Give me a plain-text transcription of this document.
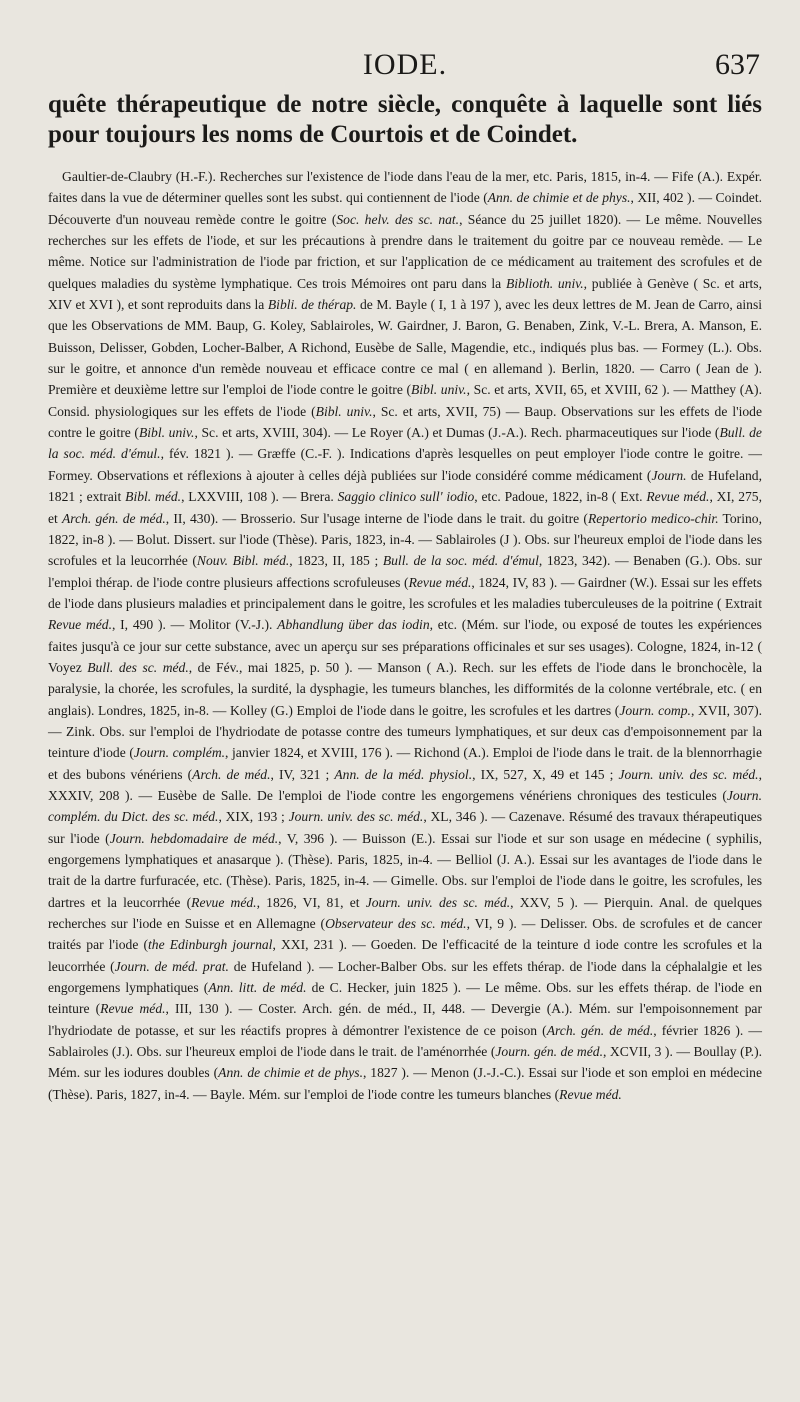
IODE.	637

quête thérapeutique de notre siècle, conquête à laquelle sont liés pour toujours les noms de Courtois et de Coindet.

Gaultier-de-Claubry (H.-F.). Recherches sur l'existence de l'iode dans l'eau de la mer, etc. Paris, 1815, in-4. — Fife (A.). Expér. faites dans la vue de déterminer quelles sont les subst. qui contiennent de l'iode (Ann. de chimie et de phys., XII, 402 ). — Coindet. Découverte d'un nouveau remède contre le goitre (Soc. helv. des sc. nat., Séance du 25 juillet 1820). — Le même. Nouvelles recherches sur les effets de l'iode, et sur les précautions à prendre dans le traitement du goitre par ce nouveau remède. — Le même. Notice sur l'administration de l'iode par friction, et sur l'application de ce médicament au traitement des scrofules et de quelques maladies du système lymphatique. Ces trois Mémoires ont paru dans la Biblioth. univ., publiée à Genève ( Sc. et arts, XIV et XVI ), et sont reproduits dans la Bibli. de thérap. de M. Bayle ( I, 1 à 197 ), avec les deux lettres de M. Jean de Carro, ainsi que les Observations de MM. Baup, G. Koley, Sablairoles, W. Gairdner, J. Baron, G. Benaben, Zink, V.-L. Brera, A. Manson, E. Buisson, Delisser, Gobden, Locher-Balber, A Richond, Eusèbe de Salle, Magendie, etc., indiqués plus bas. — Formey (L.). Obs. sur le goitre, et annonce d'un remède nouveau et efficace contre ce mal ( en allemand ). Berlin, 1820. — Carro ( Jean de ). Première et deuxième lettre sur l'emploi de l'iode contre le goitre (Bibl. univ., Sc. et arts, XVII, 65, et XVIII, 62 ). — Matthey (A). Consid. physiologiques sur les effets de l'iode (Bibl. univ., Sc. et arts, XVII, 75) — Baup. Observations sur les effets de l'iode contre le goitre (Bibl. univ., Sc. et arts, XVIII, 304). — Le Royer (A.) et Dumas (J.-A.). Rech. pharmaceutiques sur l'iode (Bull. de la soc. méd. d'émul., fév. 1821 ). — Græffe (C.-F. ). Indications d'après lesquelles on peut employer l'iode contre le goitre. — Formey. Observations et réflexions à ajouter à celles déjà publiées sur l'iode considéré comme médicament (Journ. de Hufeland, 1821 ; extrait Bibl. méd., LXXVIII, 108 ). — Brera. Saggio clinico sull' iodio, etc. Padoue, 1822, in-8 ( Ext. Revue méd., XI, 275, et Arch. gén. de méd., II, 430). — Brosserio. Sur l'usage interne de l'iode dans le trait. du goitre (Repertorio medico-chir. Torino, 1822, in-8 ). — Bolut. Dissert. sur l'iode (Thèse). Paris, 1823, in-4. — Sablairoles (J ). Obs. sur l'heureux emploi de l'iode dans les scrofules et la leucorrhée (Nouv. Bibl. méd., 1823, II, 185 ; Bull. de la soc. méd. d'émul, 1823, 342). — Benaben (G.). Obs. sur l'emploi thérap. de l'iode contre plusieurs affections scrofuleuses (Revue méd., 1824, IV, 83 ). — Gairdner (W.). Essai sur les effets de l'iode dans plusieurs maladies et principalement dans le goitre, les scrofules et les maladies tuberculeuses de la poitrine ( Extrait Revue méd., I, 490 ). — Molitor (V.-J.). Abhandlung über das iodin, etc. (Mém. sur l'iode, ou exposé de toutes les expériences faites jusqu'à ce jour sur cette substance, avec un aperçu sur ses préparations officinales et sur ses usages). Cologne, 1824, in-12 ( Voyez Bull. des sc. méd., de Fév., mai 1825, p. 50 ). — Manson ( A.). Rech. sur les effets de l'iode dans le bronchocèle, la paralysie, la chorée, les scrofules, la surdité, la dysphagie, les tumeurs blanches, les difformités de la colonne vertébrale, etc. ( en anglais). Londres, 1825, in-8. — Kolley (G.) Emploi de l'iode dans le goitre, les scrofules et les dartres (Journ. comp., XVII, 307). — Zink. Obs. sur l'emploi de l'hydriodate de potasse contre des tumeurs lymphatiques, et sur deux cas d'empoisonnement par la teinture d'iode (Journ. complém., janvier 1824, et XVIII, 176 ). — Richond (A.). Emploi de l'iode dans le trait. de la blennorrhagie et des bubons vénériens (Arch. de méd., IV, 321 ; Ann. de la méd. physiol., IX, 527, X, 49 et 145 ; Journ. univ. des sc. méd., XXXIV, 208 ). — Eusèbe de Salle. De l'emploi de l'iode contre les engorgemens vénériens chroniques des testicules (Journ. complém. du Dict. des sc. méd., XIX, 193 ; Journ. univ. des sc. méd., XL, 346 ). — Cazenave. Résumé des travaux thérapeutiques sur l'iode (Journ. hebdomadaire de méd., V, 396 ). — Buisson (E.). Essai sur l'iode et sur son usage en médecine ( syphilis, engorgemens lymphatiques et anasarque ). (Thèse). Paris, 1825, in-4. — Belliol (J. A.). Essai sur les avantages de l'iode dans le trait de la dartre furfuracée, etc. (Thèse). Paris, 1825, in-4. — Gimelle. Obs. sur l'emploi de l'iode dans le goitre, les scrofules, les dartres et la leucorrhée (Revue méd., 1826, VI, 81, et Journ. univ. des sc. méd., XXV, 5 ). — Pierquin. Anal. de quelques recherches sur l'iode en Suisse et en Allemagne (Observateur des sc. méd., VI, 9 ). — Delisser. Obs. de scrofules et de cancer traités par l'iode (the Edinburgh journal, XXI, 231 ). — Goeden. De l'efficacité de la teinture d iode contre les scrofules et la leucorrhée (Journ. de méd. prat. de Hufeland ). — Locher-Balber Obs. sur les effets thérap. de l'iode dans la céphalalgie et les engorgemens lymphatiques (Ann. litt. de méd. de C. Hecker, juin 1825 ). — Le même. Obs. sur les effets thérap. de l'iode en teinture (Revue méd., III, 130 ). — Coster. Arch. gén. de méd., II, 448. — Devergie (A.). Mém. sur l'empoisonnement par l'hydriodate de potasse, et sur les réactifs propres à démontrer l'existence de ce poison (Arch. gén. de méd., février 1826 ). — Sablairoles (J.). Obs. sur l'heureux emploi de l'iode dans le trait. de l'aménorrhée (Journ. gén. de méd., XCVII, 3 ). — Boullay (P.). Mém. sur les iodures doubles (Ann. de chimie et de phys., 1827 ). — Menon (J.-J.-C.). Essai sur l'iode et son emploi en médecine (Thèse). Paris, 1827, in-4. — Bayle. Mém. sur l'emploi de l'iode contre les tumeurs blanches (Revue méd.
